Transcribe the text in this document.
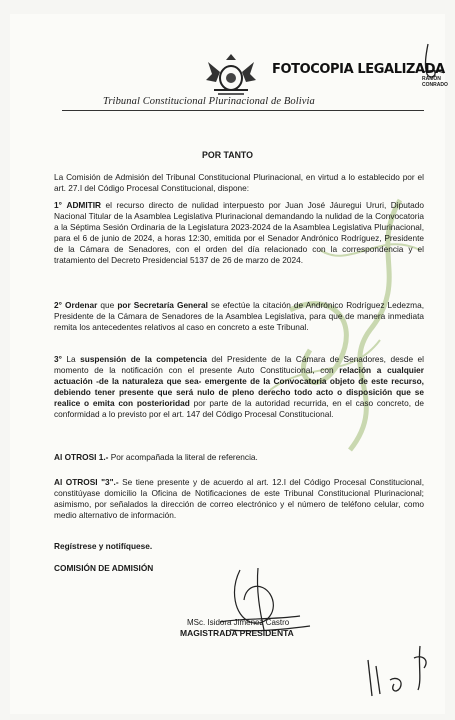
RAMÓN
CONRADO
FOTOCOPIA LEGALIZADA
Tribunal Constitucional Plurinacional de Bolivia
POR TANTO
La Comisión de Admisión del Tribunal Constitucional Plurinacional, en virtud a lo establecido por el art. 27.I del Código Procesal Constitucional, dispone:
1° ADMITIR el recurso directo de nulidad interpuesto por Juan José Jáuregui Ururi, Diputado Nacional Titular de la Asamblea Legislativa Plurinacional demandando la nulidad de la Convocatoria a la Séptima Sesión Ordinaria de la Legislatura 2023-2024 de la Asamblea Legislativa Plurinacional, para el 6 de junio de 2024, a horas 12:30, emitida por el Senador Andrónico Rodríguez, Presidente de la Cámara de Senadores, con el orden del día relacionado con la correspondencia y el tratamiento del Decreto Presidencial 5137 de 26 de marzo de 2024.
2° Ordenar que por Secretaría General se efectúe la citación de Andrónico Rodríguez Ledezma, Presidente de la Cámara de Senadores de la Asamblea Legislativa, para que de manera inmediata remita los antecedentes relativos al caso en concreto a este Tribunal.
3° La suspensión de la competencia del Presidente de la Cámara de Senadores, desde el momento de la notificación con el presente Auto Constitucional, con relación a cualquier actuación -de la naturaleza que sea- emergente de la Convocatoria objeto de este recurso, debiendo tener presente que será nulo de pleno derecho todo acto o disposición que se realice o emita con posterioridad por parte de la autoridad recurrida, en el caso concreto, de conformidad a lo previsto por el art. 147 del Código Procesal Constitucional.
Al OTROSI 1.- Por acompañada la literal de referencia.
Al OTROSI "3".- Se tiene presente y de acuerdo al art. 12.I del Código Procesal Constitucional, constitúyase domicilio la Oficina de Notificaciones de este Tribunal Constitucional Plurinacional; asimismo, por señalados la dirección de correo electrónico y el número de teléfono celular, como medio alternativo de información.
Regístrese y notifíquese.
COMISIÓN DE ADMISIÓN
MSc. Isidora Jiménez Castro
MAGISTRADA PRESIDENTA
